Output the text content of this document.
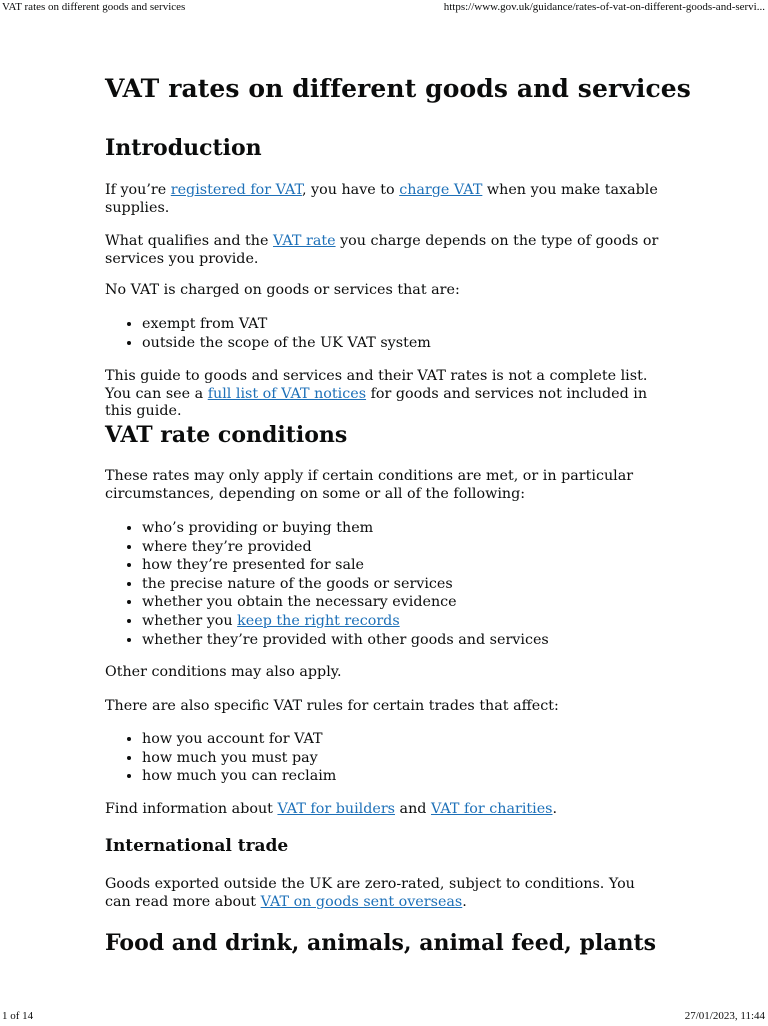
VAT rates on different goods and services	https://www.gov.uk/guidance/rates-of-vat-on-different-goods-and-servi...
VAT rates on different goods and services
Introduction

If you’re registered for VAT, you have to charge VAT when you make taxable supplies.

What qualifies and the VAT rate you charge depends on the type of goods or services you provide.

No VAT is charged on goods or services that are:

• exempt from VAT
• outside the scope of the UK VAT system

This guide to goods and services and their VAT rates is not a complete list. You can see a full list of VAT notices for goods and services not included in this guide.

VAT rate conditions

These rates may only apply if certain conditions are met, or in particular circumstances, depending on some or all of the following:

• who’s providing or buying them
• where they’re provided
• how they’re presented for sale
• the precise nature of the goods or services
• whether you obtain the necessary evidence
• whether you keep the right records
• whether they’re provided with other goods and services

Other conditions may also apply.

There are also specific VAT rules for certain trades that affect:

• how you account for VAT
• how much you must pay
• how much you can reclaim

Find information about VAT for builders and VAT for charities.

International trade

Goods exported outside the UK are zero-rated, subject to conditions. You can read more about VAT on goods sent overseas.

Food and drink, animals, animal feed, plants
1 of 14	27/01/2023, 11:44
